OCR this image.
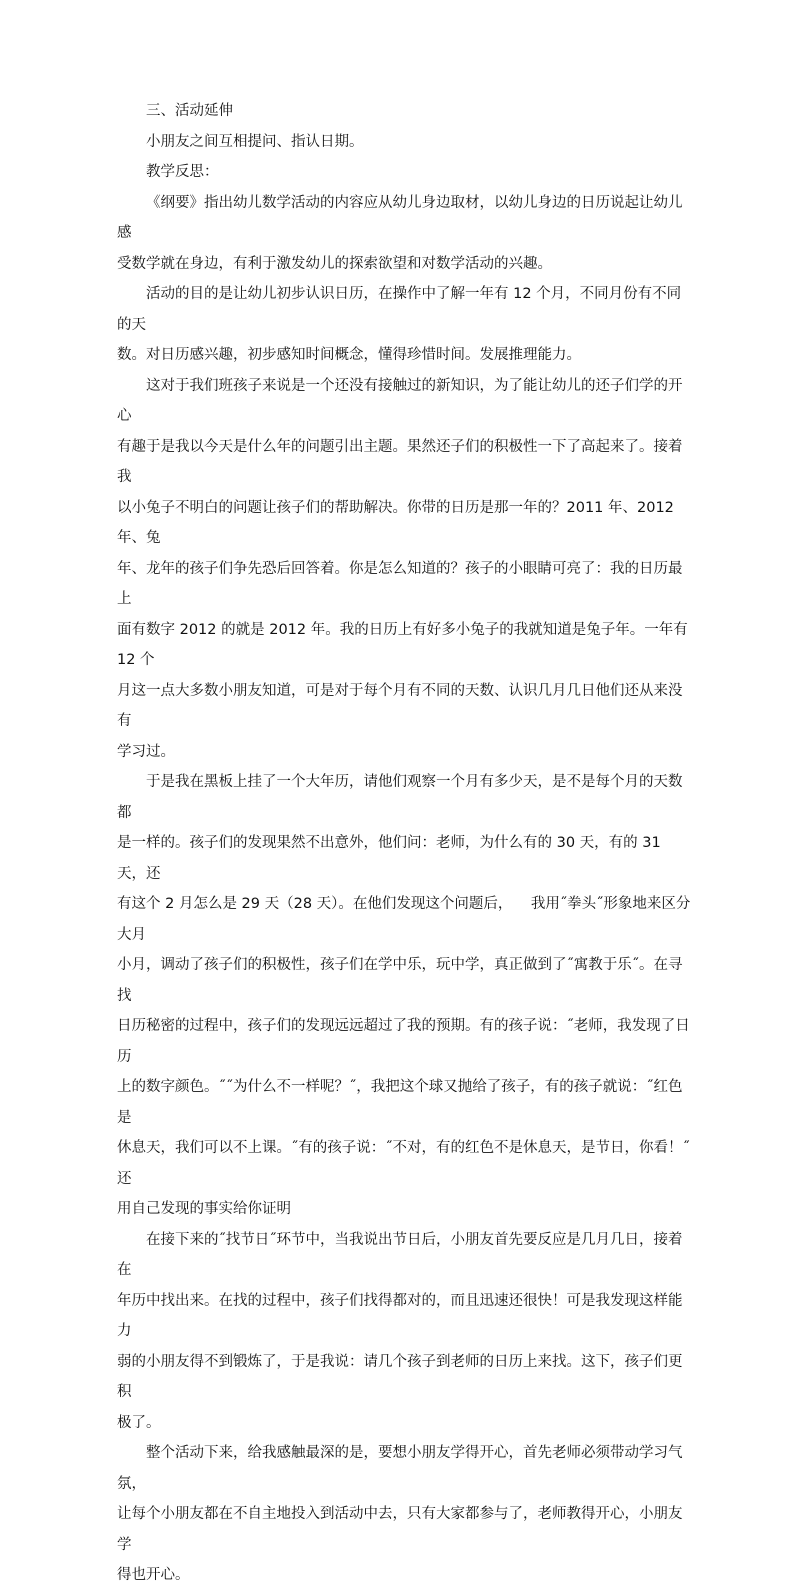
三、活动延伸

小朋友之间互相提问、指认日期。

教学反思：

《纲要》指出幼儿数学活动的内容应从幼儿身边取材，以幼儿身边的日历说起让幼儿感

受数学就在身边，有利于激发幼儿的探索欲望和对数学活动的兴趣。

活动的目的是让幼儿初步认识日历，在操作中了解一年有 12 个月，不同月份有不同的天

数。对日历感兴趣，初步感知时间概念，懂得珍惜时间。发展推理能力。

这对于我们班孩子来说是一个还没有接触过的新知识，为了能让幼儿的还子们学的开心

有趣于是我以今天是什么年的问题引出主题。果然还子们的积极性一下了高起来了。接着我

以小兔子不明白的问题让孩子们的帮助解决。你带的日历是那一年的？2011 年、2012 年、兔

年、龙年的孩子们争先恐后回答着。你是怎么知道的？孩子的小眼睛可亮了：我的日历最上

面有数字 2012 的就是 2012 年。我的日历上有好多小兔子的我就知道是兔子年。一年有 12 个

月这一点大多数小朋友知道，可是对于每个月有不同的天数、认识几月几日他们还从来没有

学习过。

于是我在黑板上挂了一个大年历，请他们观察一个月有多少天，是不是每个月的天数都

是一样的。孩子们的发现果然不出意外，他们问：老师，为什么有的 30 天，有的 31 天，还

有这个 2 月怎么是 29 天（28 天）。在他们发现这个问题后，    我用˝拳头˝形象地来区分大月

小月，调动了孩子们的积极性，孩子们在学中乐，玩中学，真正做到了˝寓教于乐˝。在寻找

日历秘密的过程中，孩子们的发现远远超过了我的预期。有的孩子说：˝老师，我发现了日历

上的数字颜色。˝˝为什么不一样呢？˝，我把这个球又抛给了孩子，有的孩子就说：˝红色是

休息天，我们可以不上课。˝有的孩子说：˝不对，有的红色不是休息天，是节日，你看！˝还

用自己发现的事实给你证明

在接下来的˝找节日˝环节中，当我说出节日后，小朋友首先要反应是几月几日，接着在

年历中找出来。在找的过程中，孩子们找得都对的，而且迅速还很快！可是我发现这样能力

弱的小朋友得不到锻炼了，于是我说：请几个孩子到老师的日历上来找。这下，孩子们更积

极了。

整个活动下来，给我感触最深的是，要想小朋友学得开心，首先老师必须带动学习气氛，

让每个小朋友都在不自主地投入到活动中去，只有大家都参与了，老师教得开心，小朋友学

得也开心。
